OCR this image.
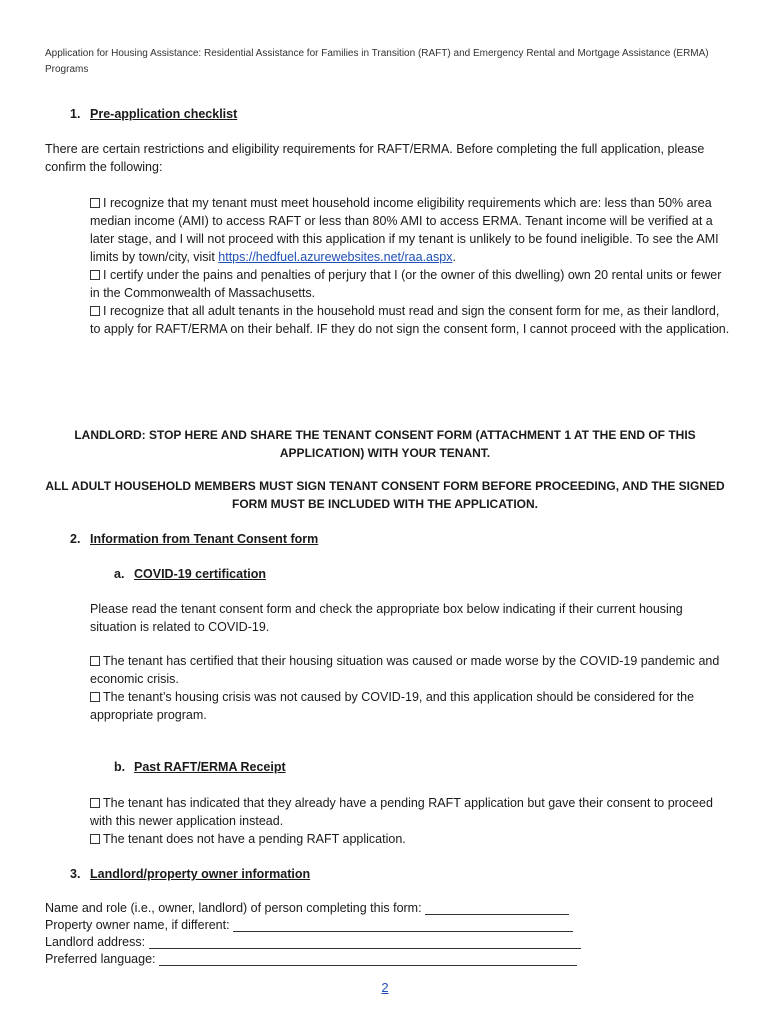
Application for Housing Assistance: Residential Assistance for Families in Transition (RAFT) and Emergency Rental and Mortgage Assistance (ERMA) Programs
1. Pre-application checklist
There are certain restrictions and eligibility requirements for RAFT/ERMA. Before completing the full application, please confirm the following:
I recognize that my tenant must meet household income eligibility requirements which are: less than 50% area median income (AMI) to access RAFT or less than 80% AMI to access ERMA. Tenant income will be verified at a later stage, and I will not proceed with this application if my tenant is unlikely to be found ineligible. To see the AMI limits by town/city, visit https://hedfuel.azurewebsites.net/raa.aspx.
I certify under the pains and penalties of perjury that I (or the owner of this dwelling) own 20 rental units or fewer in the Commonwealth of Massachusetts.
I recognize that all adult tenants in the household must read and sign the consent form for me, as their landlord, to apply for RAFT/ERMA on their behalf. IF they do not sign the consent form, I cannot proceed with the application.
LANDLORD: STOP HERE AND SHARE THE TENANT CONSENT FORM (ATTACHMENT 1 AT THE END OF THIS APPLICATION) WITH YOUR TENANT.
ALL ADULT HOUSEHOLD MEMBERS MUST SIGN TENANT CONSENT FORM BEFORE PROCEEDING, AND THE SIGNED FORM MUST BE INCLUDED WITH THE APPLICATION.
2. Information from Tenant Consent form
a. COVID-19 certification
Please read the tenant consent form and check the appropriate box below indicating if their current housing situation is related to COVID-19.
The tenant has certified that their housing situation was caused or made worse by the COVID-19 pandemic and economic crisis.
The tenant’s housing crisis was not caused by COVID-19, and this application should be considered for the appropriate program.
b. Past RAFT/ERMA Receipt
The tenant has indicated that they already have a pending RAFT application but gave their consent to proceed with this newer application instead.
The tenant does not have a pending RAFT application.
3. Landlord/property owner information
Name and role (i.e., owner, landlord) of person completing this form:
Property owner name, if different:
Landlord address:
Preferred language:
2
